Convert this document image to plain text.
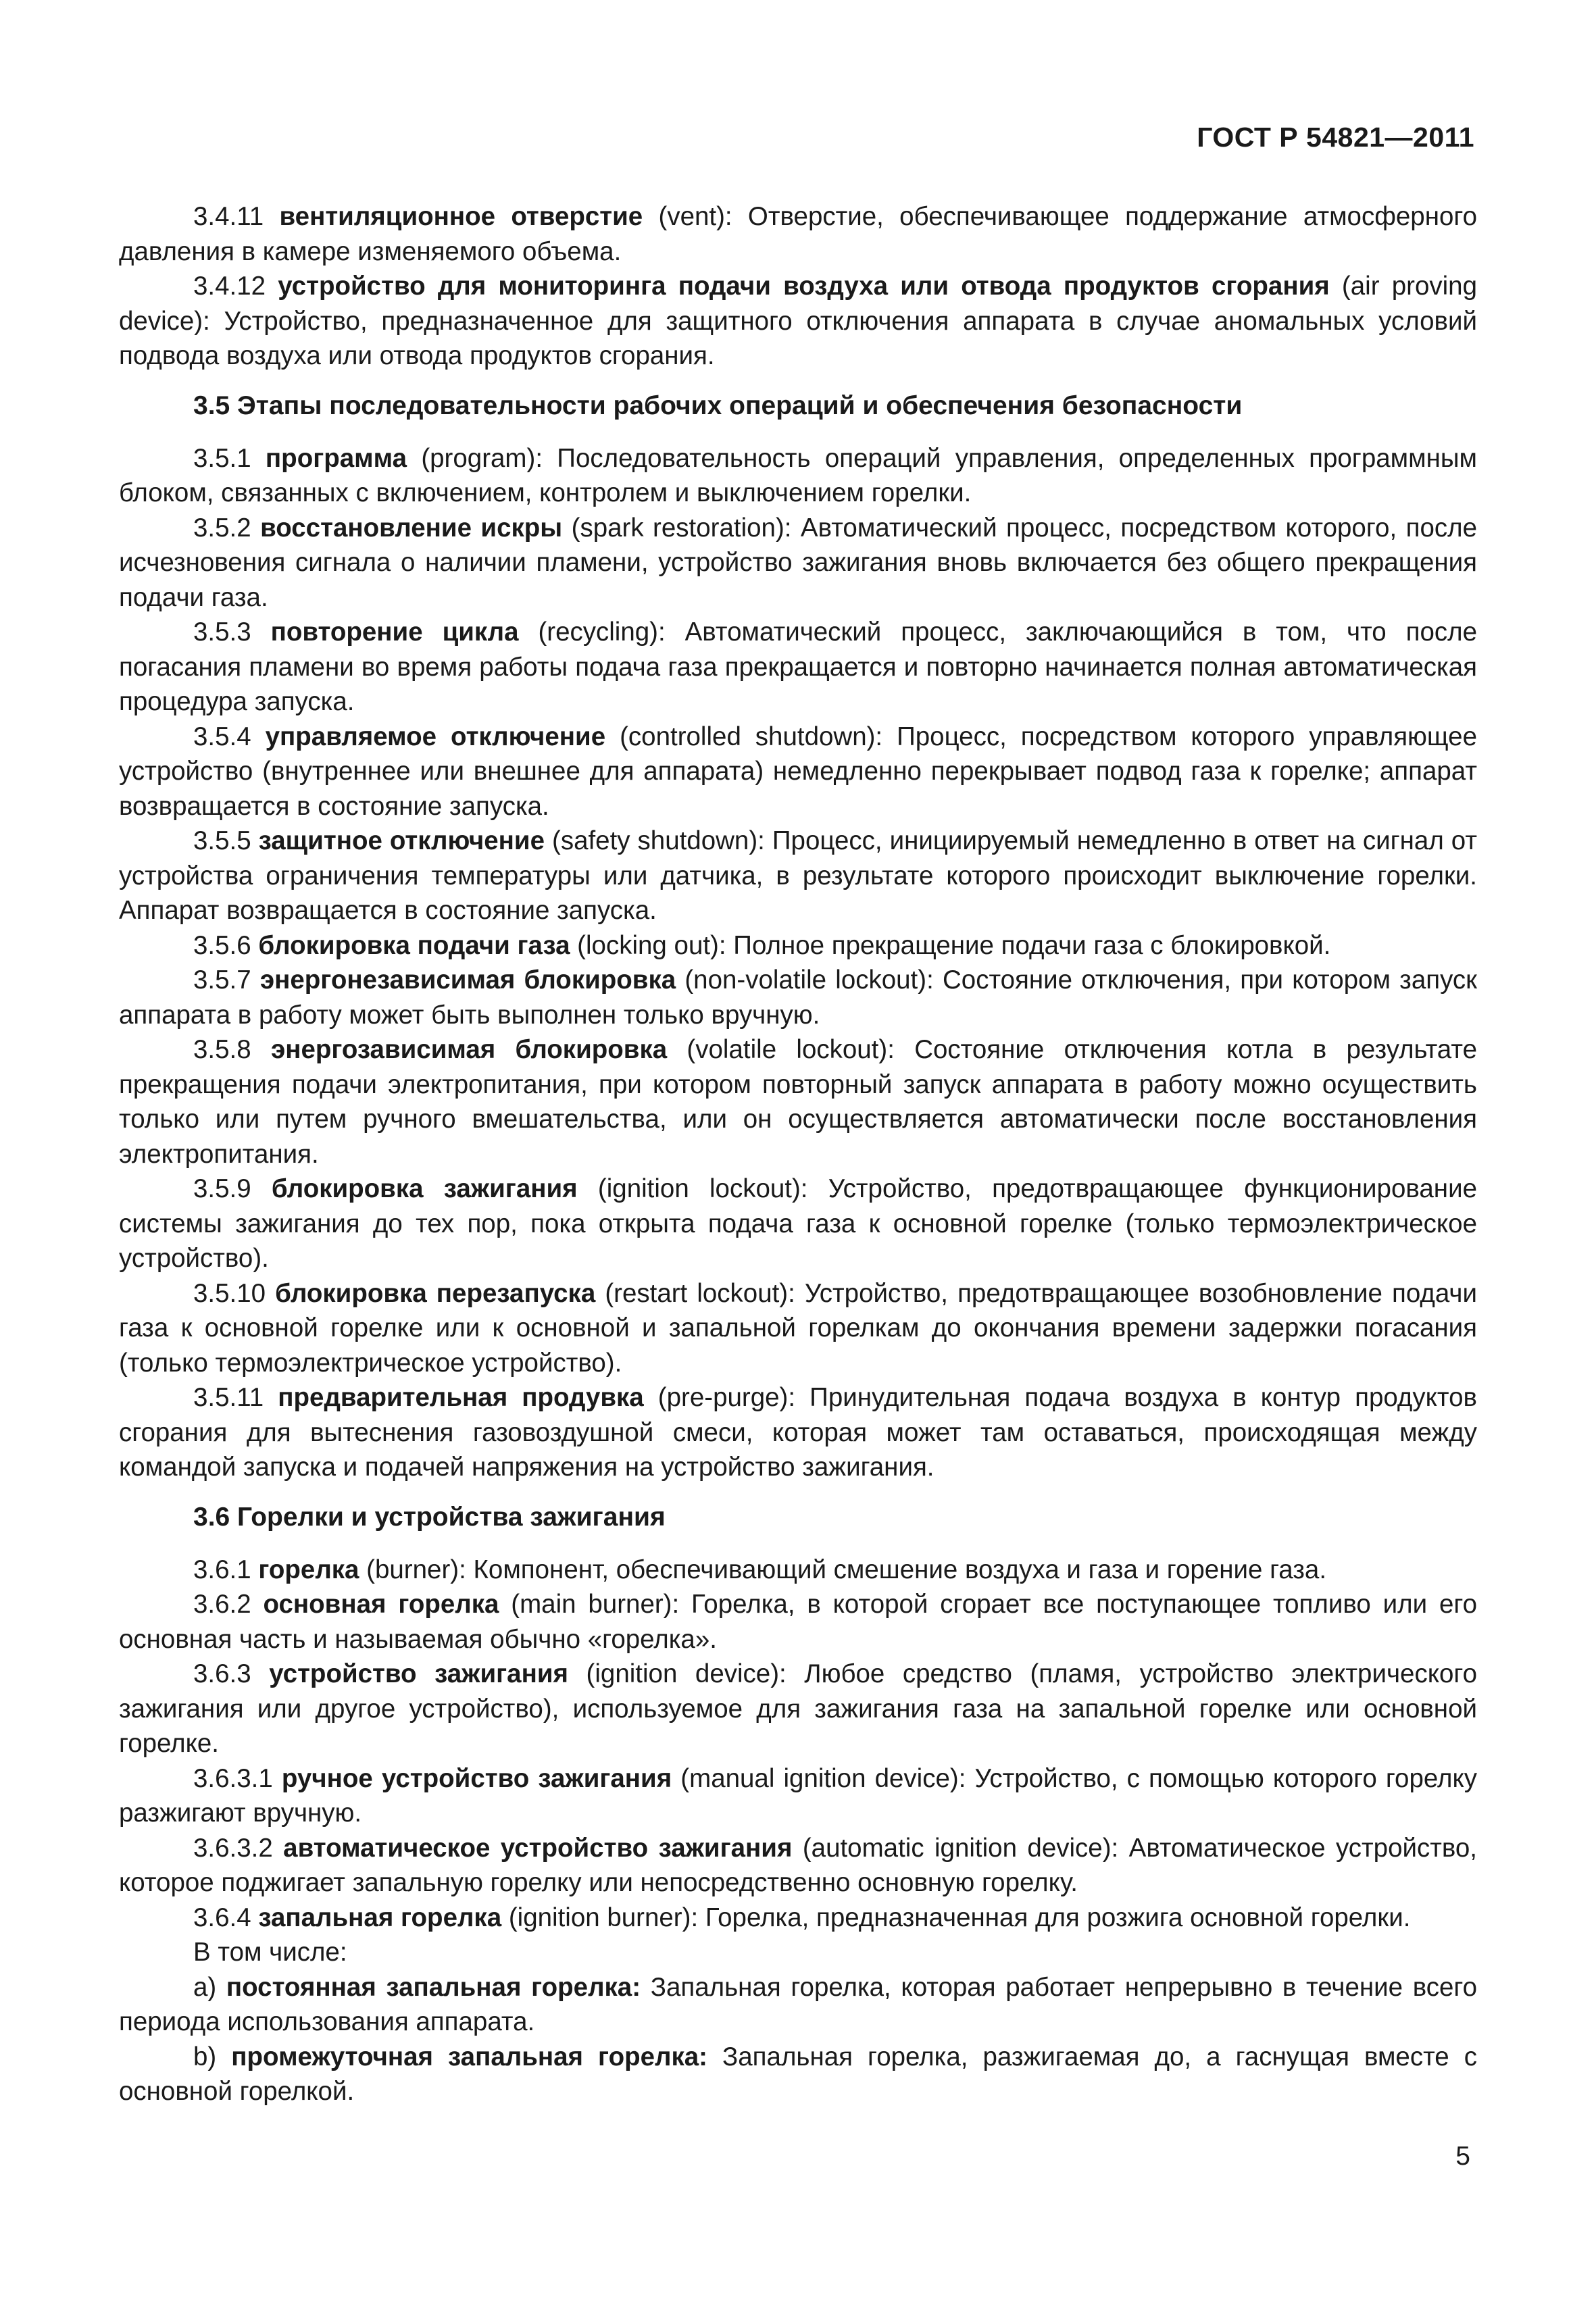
ГОСТ Р 54821—2011

3.4.11 вентиляционное отверстие (vent): Отверстие, обеспечивающее поддержание атмосферного давления в камере изменяемого объема.

3.4.12 устройство для мониторинга подачи воздуха или отвода продуктов сгорания (air proving device): Устройство, предназначенное для защитного отключения аппарата в случае аномальных условий подвода воздуха или отвода продуктов сгорания.

3.5 Этапы последовательности рабочих операций и обеспечения безопасности

3.5.1 программа (program): Последовательность операций управления, определенных программным блоком, связанных с включением, контролем и выключением горелки.

3.5.2 восстановление искры (spark restoration): Автоматический процесс, посредством которого, после исчезновения сигнала о наличии пламени, устройство зажигания вновь включается без общего прекращения подачи газа.

3.5.3 повторение цикла (recycling): Автоматический процесс, заключающийся в том, что после погасания пламени во время работы подача газа прекращается и повторно начинается полная автоматическая процедура запуска.

3.5.4 управляемое отключение (controlled shutdown): Процесс, посредством которого управляющее устройство (внутреннее или внешнее для аппарата) немедленно перекрывает подвод газа к горелке; аппарат возвращается в состояние запуска.

3.5.5 защитное отключение (safety shutdown): Процесс, инициируемый немедленно в ответ на сигнал от устройства ограничения температуры или датчика, в результате которого происходит выключение горелки. Аппарат возвращается в состояние запуска.

3.5.6 блокировка подачи газа (locking out): Полное прекращение подачи газа с блокировкой.

3.5.7 энергонезависимая блокировка (non-volatile lockout): Состояние отключения, при котором запуск аппарата в работу может быть выполнен только вручную.

3.5.8 энергозависимая блокировка (volatile lockout): Состояние отключения котла в результате прекращения подачи электропитания, при котором повторный запуск аппарата в работу можно осуществить только или путем ручного вмешательства, или он осуществляется автоматически после восстановления электропитания.

3.5.9 блокировка зажигания (ignition lockout): Устройство, предотвращающее функционирование системы зажигания до тех пор, пока открыта подача газа к основной горелке (только термоэлектрическое устройство).

3.5.10 блокировка перезапуска (restart lockout): Устройство, предотвращающее возобновление подачи газа к основной горелке или к основной и запальной горелкам до окончания времени задержки погасания (только термоэлектрическое устройство).

3.5.11 предварительная продувка (pre-purge): Принудительная подача воздуха в контур продуктов сгорания для вытеснения газовоздушной смеси, которая может там оставаться, происходящая между командой запуска и подачей напряжения на устройство зажигания.

3.6 Горелки и устройства зажигания

3.6.1 горелка (burner): Компонент, обеспечивающий смешение воздуха и газа и горение газа.

3.6.2 основная горелка (main burner): Горелка, в которой сгорает все поступающее топливо или его основная часть и называемая обычно «горелка».

3.6.3 устройство зажигания (ignition device): Любое средство (пламя, устройство электрического зажигания или другое устройство), используемое для зажигания газа на запальной горелке или основной горелке.

3.6.3.1 ручное устройство зажигания (manual ignition device): Устройство, с помощью которого горелку разжигают вручную.

3.6.3.2 автоматическое устройство зажигания (automatic ignition device): Автоматическое устройство, которое поджигает запальную горелку или непосредственно основную горелку.

3.6.4 запальная горелка (ignition burner): Горелка, предназначенная для розжига основной горелки.

В том числе:

a) постоянная запальная горелка: Запальная горелка, которая работает непрерывно в течение всего периода использования аппарата.

b) промежуточная запальная горелка: Запальная горелка, разжигаемая до, а гаснущая вместе с основной горелкой.

5
